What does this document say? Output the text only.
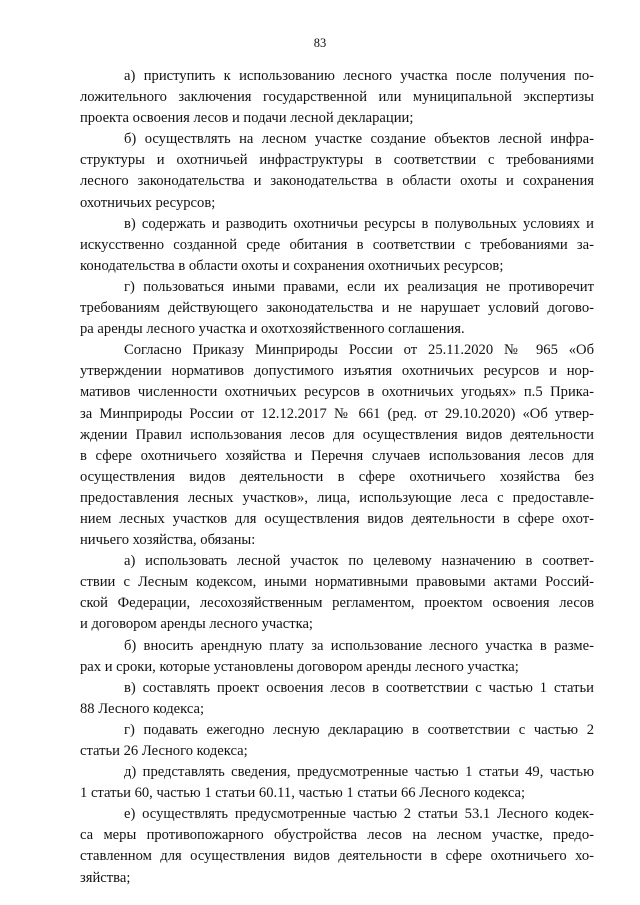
83

а) приступить к использованию лесного участка после получения по-
ложительного заключения государственной или муниципальной экспертизы
проекта освоения лесов и подачи лесной декларации;

б) осуществлять на лесном участке создание объектов лесной инфра-
структуры и охотничьей инфраструктуры в соответствии с требованиями
лесного законодательства и законодательства в области охоты и сохранения
охотничьих ресурсов;

в) содержать и разводить охотничьи ресурсы в полувольных условиях и
искусственно созданной среде обитания в соответствии с требованиями за-
конодательства в области охоты и сохранения охотничьих ресурсов;

г) пользоваться иными правами, если их реализация не противоречит
требованиям действующего законодательства и не нарушает условий догово-
ра аренды лесного участка и охотхозяйственного соглашения.

Согласно Приказу Минприроды России от 25.11.2020 № 965 «Об
утверждении нормативов допустимого изъятия охотничьих ресурсов и нор-
мативов численности охотничьих ресурсов в охотничьих угодьях» п.5 Прика-
за Минприроды России от 12.12.2017 № 661 (ред. от 29.10.2020) «Об утвер-
ждении Правил использования лесов для осуществления видов деятельности
в сфере охотничьего хозяйства и Перечня случаев использования лесов для
осуществления видов деятельности в сфере охотничьего хозяйства без
предоставления лесных участков», лица, использующие леса с предоставле-
нием лесных участков для осуществления видов деятельности в сфере охот-
ничьего хозяйства, обязаны:

а) использовать лесной участок по целевому назначению в соответ-
ствии с Лесным кодексом, иными нормативными правовыми актами Россий-
ской Федерации, лесохозяйственным регламентом, проектом освоения лесов
и договором аренды лесного участка;

б) вносить арендную плату за использование лесного участка в разме-
рах и сроки, которые установлены договором аренды лесного участка;

в) составлять проект освоения лесов в соответствии с частью 1 статьи
88 Лесного кодекса;

г) подавать ежегодно лесную декларацию в соответствии с частью 2
статьи 26 Лесного кодекса;

д) представлять сведения, предусмотренные частью 1 статьи 49, частью
1 статьи 60, частью 1 статьи 60.11, частью 1 статьи 66 Лесного кодекса;

е) осуществлять предусмотренные частью 2 статьи 53.1 Лесного кодек-
са меры противопожарного обустройства лесов на лесном участке, предо-
ставленном для осуществления видов деятельности в сфере охотничьего хо-
зяйства;
